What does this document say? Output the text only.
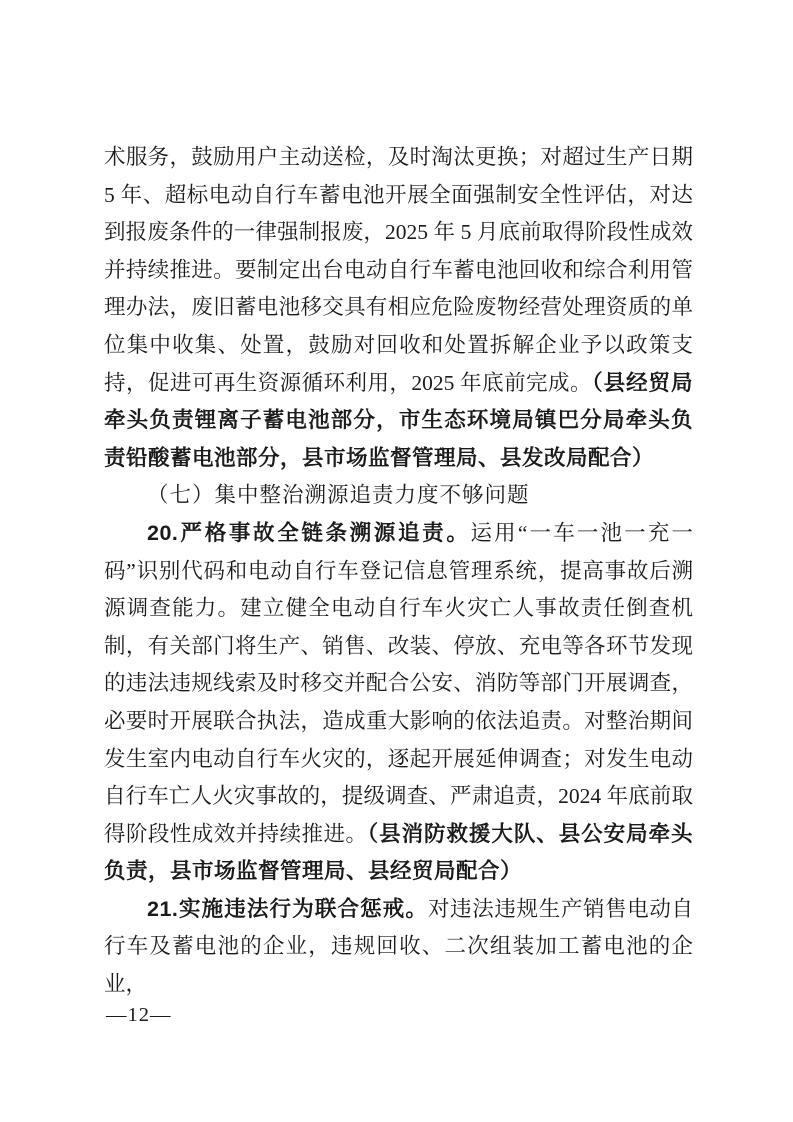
术服务，鼓励用户主动送检，及时淘汰更换；对超过生产日期 5 年、超标电动自行车蓄电池开展全面强制安全性评估，对达到报废条件的一律强制报废，2025 年 5 月底前取得阶段性成效并持续推进。要制定出台电动自行车蓄电池回收和综合利用管理办法，废旧蓄电池移交具有相应危险废物经营处理资质的单位集中收集、处置，鼓励对回收和处置拆解企业予以政策支持，促进可再生资源循环利用，2025 年底前完成。（县经贸局牵头负责锂离子蓄电池部分，市生态环境局镇巴分局牵头负责铅酸蓄电池部分，县市场监督管理局、县发改局配合）

（七）集中整治溯源追责力度不够问题

20.严格事故全链条溯源追责。运用“一车一池一充一码”识别代码和电动自行车登记信息管理系统，提高事故后溯源调查能力。建立健全电动自行车火灾亡人事故责任倒查机制，有关部门将生产、销售、改装、停放、充电等各环节发现的违法违规线索及时移交并配合公安、消防等部门开展调查，必要时开展联合执法，造成重大影响的依法追责。对整治期间发生室内电动自行车火灾的，逐起开展延伸调查；对发生电动自行车亡人火灾事故的，提级调查、严肃追责，2024 年底前取得阶段性成效并持续推进。（县消防救援大队、县公安局牵头负责，县市场监督管理局、县经贸局配合）

21.实施违法行为联合惩戒。对违法违规生产销售电动自行车及蓄电池的企业，违规回收、二次组装加工蓄电池的企业，

—12—
